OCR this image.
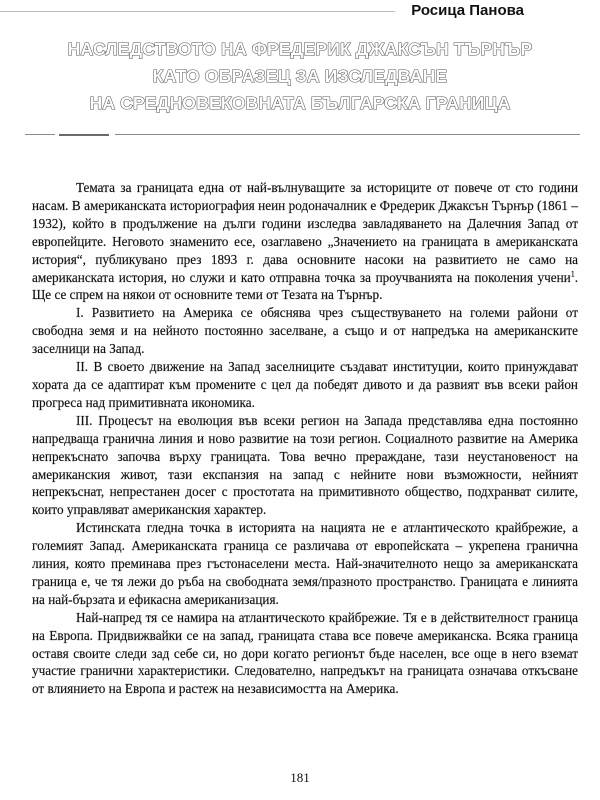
Росица Панова
НАСЛЕДСТВОТО НА ФРЕДЕРИК ДЖАКСЪН ТЪРНЪР
КАТО ОБРАЗЕЦ ЗА ИЗСЛЕДВАНЕ
НА СРЕДНОВЕКОВНАТА БЪЛГАРСКА ГРАНИЦА

Темата за границата една от най-вълнуващите за историците от повече от сто години насам. В американската историография неин родоначалник е Фредерик Джаксън Търнър (1861 – 1932), който в продължение на дълги години изследва завладяването на Далечния Запад от европейците. Неговото знаменито есе, озаглавено „Значението на границата в американската история“, публикувано през 1893 г. дава основните насоки на развитието не само на американската история, но служи и като отправна точка за проучванията на поколения учени$^1$. Ще се спрем на някои от основните теми от Тезата на Търнър.

I. Развитието на Америка се обяснява чрез съществуването на големи райони от свободна земя и на нейното постоянно заселване, а също и от напредъка на американските заселници на Запад.

II. В своето движение на Запад заселниците създават институции, които принуждават хората да се адаптират към промените с цел да победят дивото и да развият във всеки район прогреса над примитивната икономика.

III. Процесът на еволюция във всеки регион на Запада представлява една постоянно напредваща гранична линия и ново развитие на този регион. Социалното развитие на Америка непрекъснато започва върху границата. Това вечно прераждане, тази неустановеност на американския живот, тази експанзия на запад с нейните нови възможности, нейният непрекъснат, непрестанен досег с простотата на примитивното общество, подхранват силите, които управляват американския характер.

Истинската гледна точка в историята на нацията не е атлантическото крайбрежие, а големият Запад. Американската граница се различава от европейската – укрепена гранична линия, която преминава през гъстонаселени места. Най-значителното нещо за американската граница е, че тя лежи до ръба на свободната земя/празното пространство. Границата е линията на най-бързата и ефикасна американизация.

Най-напред тя се намира на атлантическото крайбрежие. Тя е в действителност граница на Европа. Придвижвайки се на запад, границата става все повече американска. Всяка граница оставя своите следи зад себе си, но дори когато регионът бъде населен, все още в него вземат участие гранични характеристики. Следователно, напредъкът на границата означава откъсване от влиянието на Европа и растеж на независимостта на Америка.

181
